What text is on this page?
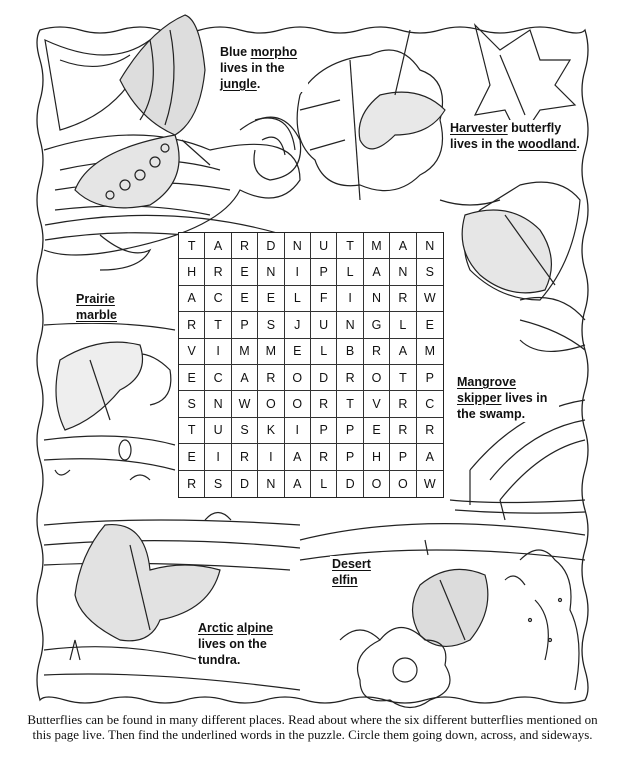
Blue morpho lives in the jungle.
Harvester butterfly lives in the woodland.
Prairie marble
Mangrove skipper lives in the swamp.
Desert elfin
Arctic alpine lives on the tundra.
T	A	R	D	N	U	T	M	A	N
H	R	E	N	I	P	L	A	N	S
A	C	E	E	L	F	I	N	R	W
R	T	P	S	J	U	N	G	L	E
V	I	M	M	E	L	B	R	A	M
E	C	A	R	O	D	R	O	T	P
S	N	W	O	O	R	T	V	R	C
T	U	S	K	I	P	P	E	R	R
E	I	R	I	A	R	P	H	P	A
R	S	D	N	A	L	D	O	O	W
Butterflies can be found in many different places. Read about where the six different butterflies mentioned on this page live. Then find the underlined words in the puzzle. Circle them going down, across, and sideways.
